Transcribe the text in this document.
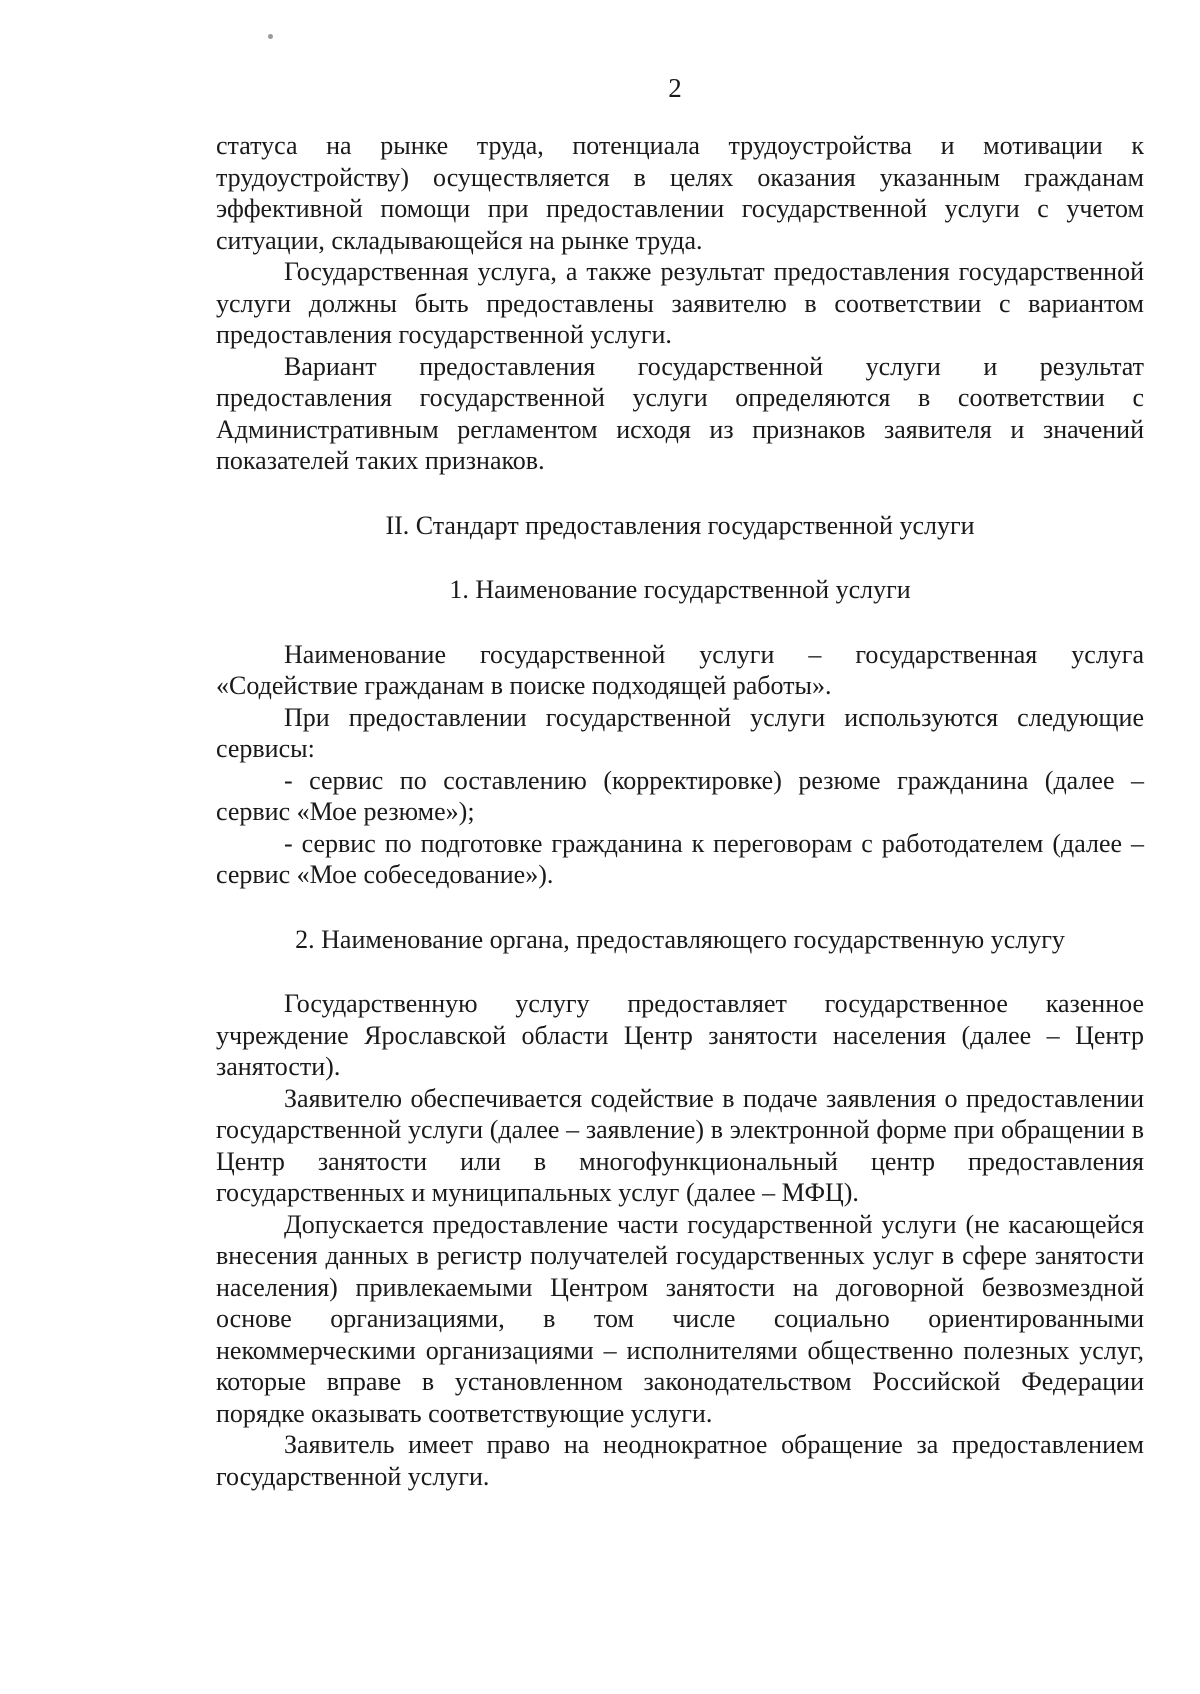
2

статуса на рынке труда, потенциала трудоустройства и мотивации к трудоустройству) осуществляется в целях оказания указанным гражданам эффективной помощи при предоставлении государственной услуги с учетом ситуации, складывающейся на рынке труда.

Государственная услуга, а также результат предоставления государственной услуги должны быть предоставлены заявителю в соответствии с вариантом предоставления государственной услуги.

Вариант предоставления государственной услуги и результат предоставления государственной услуги определяются в соответствии с Административным регламентом исходя из признаков заявителя и значений показателей таких признаков.

II. Стандарт предоставления государственной услуги

1. Наименование государственной услуги

Наименование государственной услуги – государственная услуга «Содействие гражданам в поиске подходящей работы».

При предоставлении государственной услуги используются следующие сервисы:

- сервис по составлению (корректировке) резюме гражданина (далее – сервис «Мое резюме»);

- сервис по подготовке гражданина к переговорам с работодателем (далее – сервис «Мое собеседование»).

2. Наименование органа, предоставляющего государственную услугу

Государственную услугу предоставляет государственное казенное учреждение Ярославской области Центр занятости населения (далее – Центр занятости).

Заявителю обеспечивается содействие в подаче заявления о предоставлении государственной услуги (далее – заявление) в электронной форме при обращении в Центр занятости или в многофункциональный центр предоставления государственных и муниципальных услуг (далее – МФЦ).

Допускается предоставление части государственной услуги (не касающейся внесения данных в регистр получателей государственных услуг в сфере занятости населения) привлекаемыми Центром занятости на договорной безвозмездной основе организациями, в том числе социально ориентированными некоммерческими организациями – исполнителями общественно полезных услуг, которые вправе в установленном законодательством Российской Федерации порядке оказывать соответствующие услуги.

Заявитель имеет право на неоднократное обращение за предоставлением государственной услуги.
